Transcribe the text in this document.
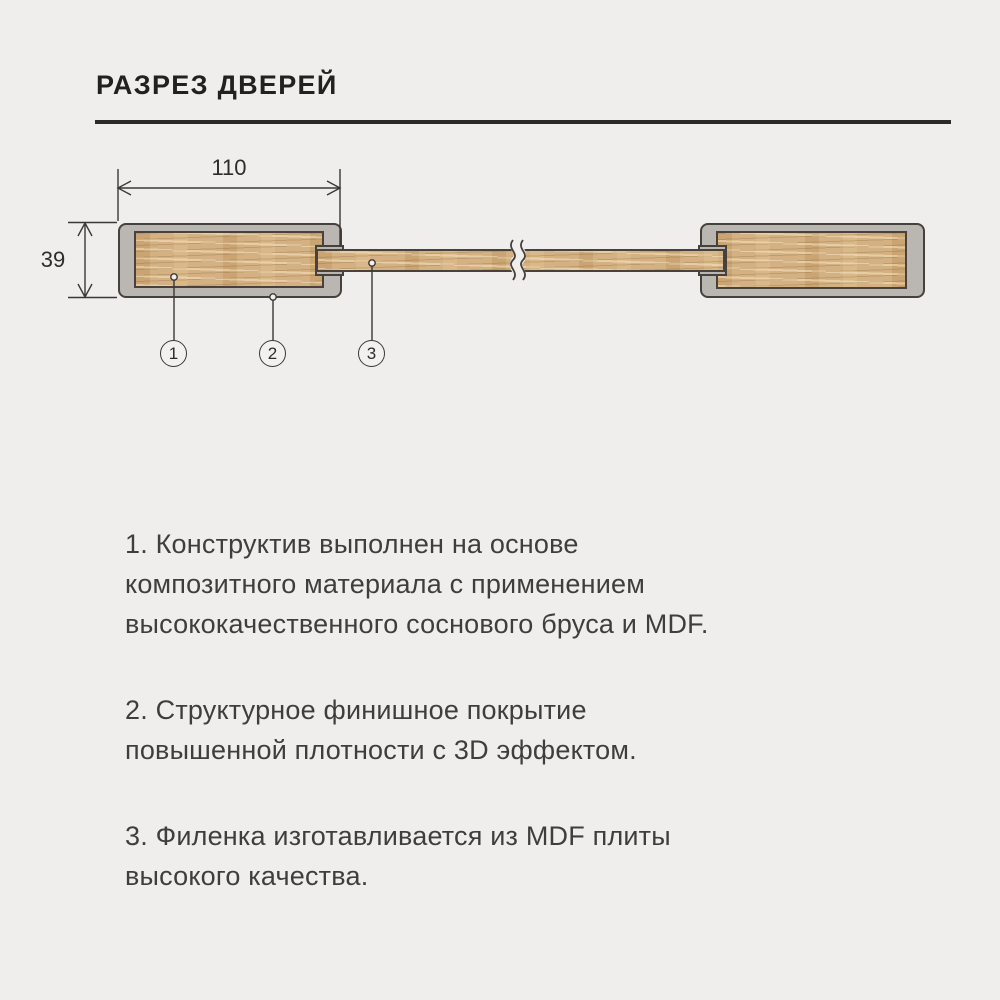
РАЗРЕЗ ДВЕРЕЙ
110
39
1	2	3
1. Конструктив выполнен на основе
композитного материала с применением
высококачественного соснового бруса и MDF.
2. Структурное финишное покрытие
повышенной плотности с 3D эффектом.
3. Филенка изготавливается из MDF плиты
высокого качества.
